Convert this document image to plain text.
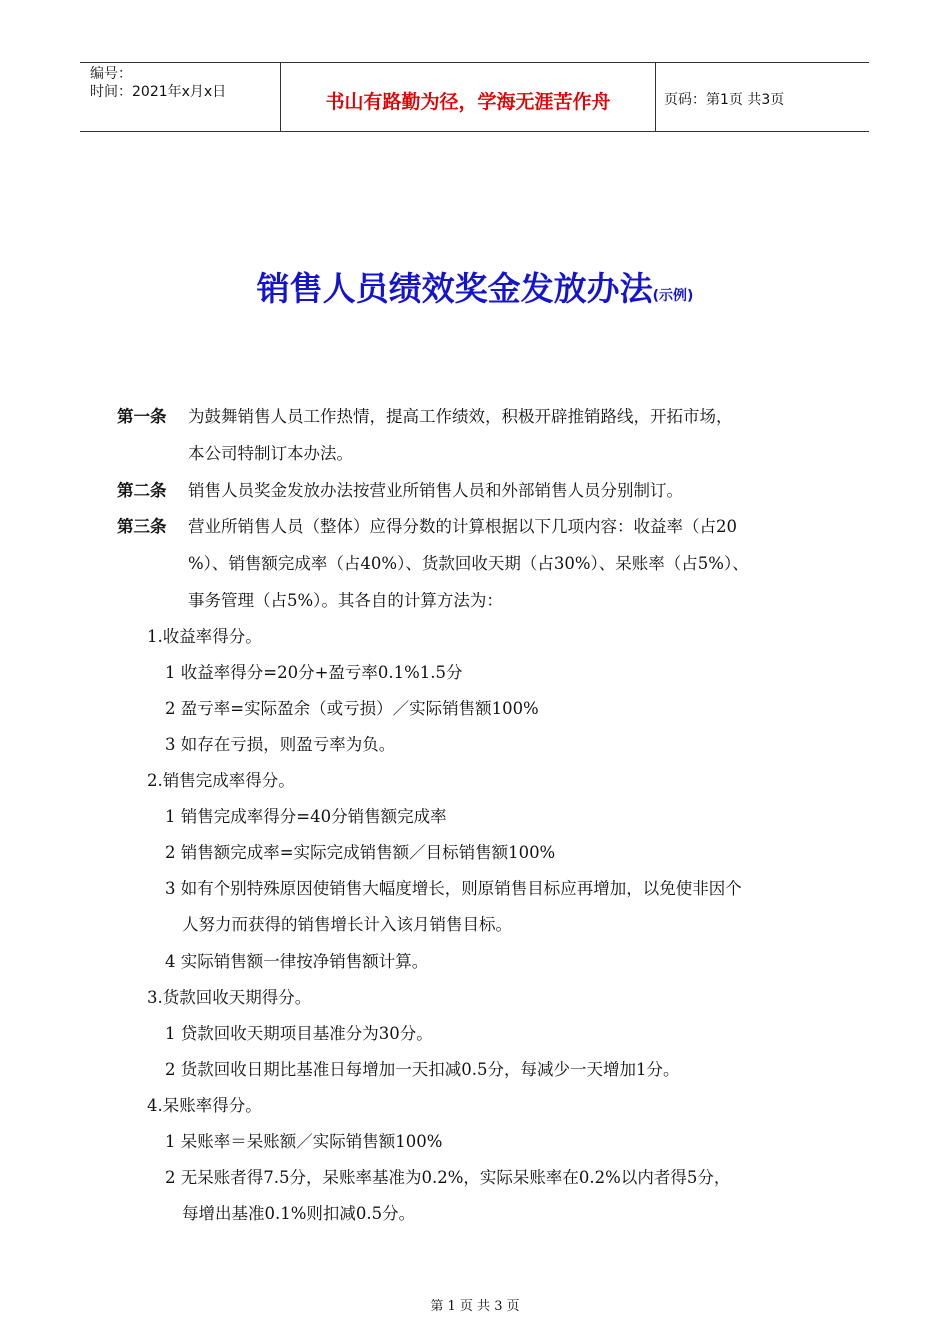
编号：
时间：2021年x月x日	书山有路勤为径，学海无涯苦作舟	页码：第1页 共3页
销售人员绩效奖金发放办法(示例)
第一条 为鼓舞销售人员工作热情，提高工作绩效，积极开辟推销路线，开拓市场，
本公司特制订本办法。
第二条 销售人员奖金发放办法按营业所销售人员和外部销售人员分别制订。
第三条 营业所销售人员（整体）应得分数的计算根据以下几项内容：收益率（占20
%）、销售额完成率（占40%）、货款回收天期（占30%）、呆账率（占5%）、
事务管理（占5%）。其各自的计算方法为：
1.收益率得分。
1 收益率得分=20分+盈亏率0.1%1.5分
2 盈亏率=实际盈余（或亏损）／实际销售额100%
3 如存在亏损，则盈亏率为负。
2.销售完成率得分。
1 销售完成率得分=40分销售额完成率
2 销售额完成率=实际完成销售额／目标销售额100%
3 如有个别特殊原因使销售大幅度增长，则原销售目标应再增加，以免使非因个
人努力而获得的销售增长计入该月销售目标。
4 实际销售额一律按净销售额计算。
3.货款回收天期得分。
1 贷款回收天期项目基准分为30分。
2 货款回收日期比基准日每增加一天扣减0.5分，每减少一天增加1分。
4.呆账率得分。
1 呆账率＝呆账额／实际销售额100%
2 无呆账者得7.5分，呆账率基准为0.2%，实际呆账率在0.2%以内者得5分，
每增出基准0.1%则扣减0.5分。
第 1 页 共 3 页
